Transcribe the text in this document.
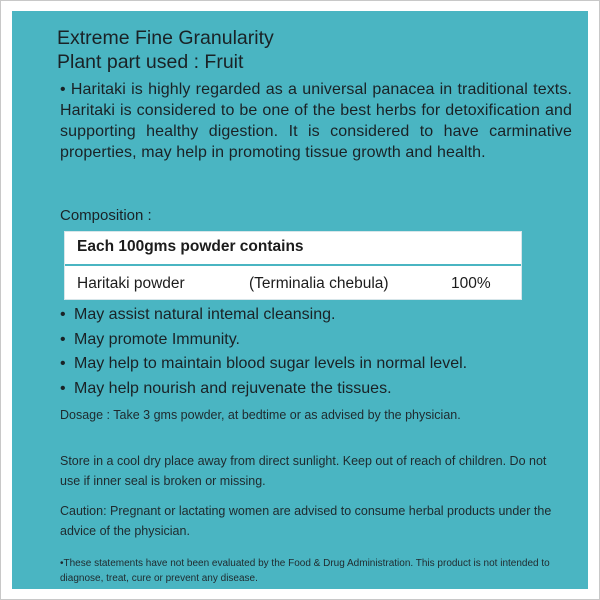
Extreme Fine Granularity
Plant part used : Fruit
• Haritaki is highly regarded as a universal panacea in traditional texts. Haritaki is considered to be one of the best herbs for detoxification and supporting healthy digestion. It is considered to have carminative properties, may help in promoting tissue growth and health.
Composition :
Each 100gms powder contains
Haritaki powder	(Terminalia chebula)	100%
• May assist natural intemal cleansing.
• May promote Immunity.
• May help to maintain blood sugar levels in normal level.
• May help nourish and rejuvenate the tissues.
Dosage : Take 3 gms powder, at bedtime or as advised by the physician.
Store in a cool dry place away from direct sunlight. Keep out of reach of children. Do not use if inner seal is broken or missing.
Caution: Pregnant or lactating women are advised to consume herbal products under the advice of the physician.
•These statements have not been evaluated by the Food & Drug Administration. This product is not intended to diagnose, treat, cure or prevent any disease.
